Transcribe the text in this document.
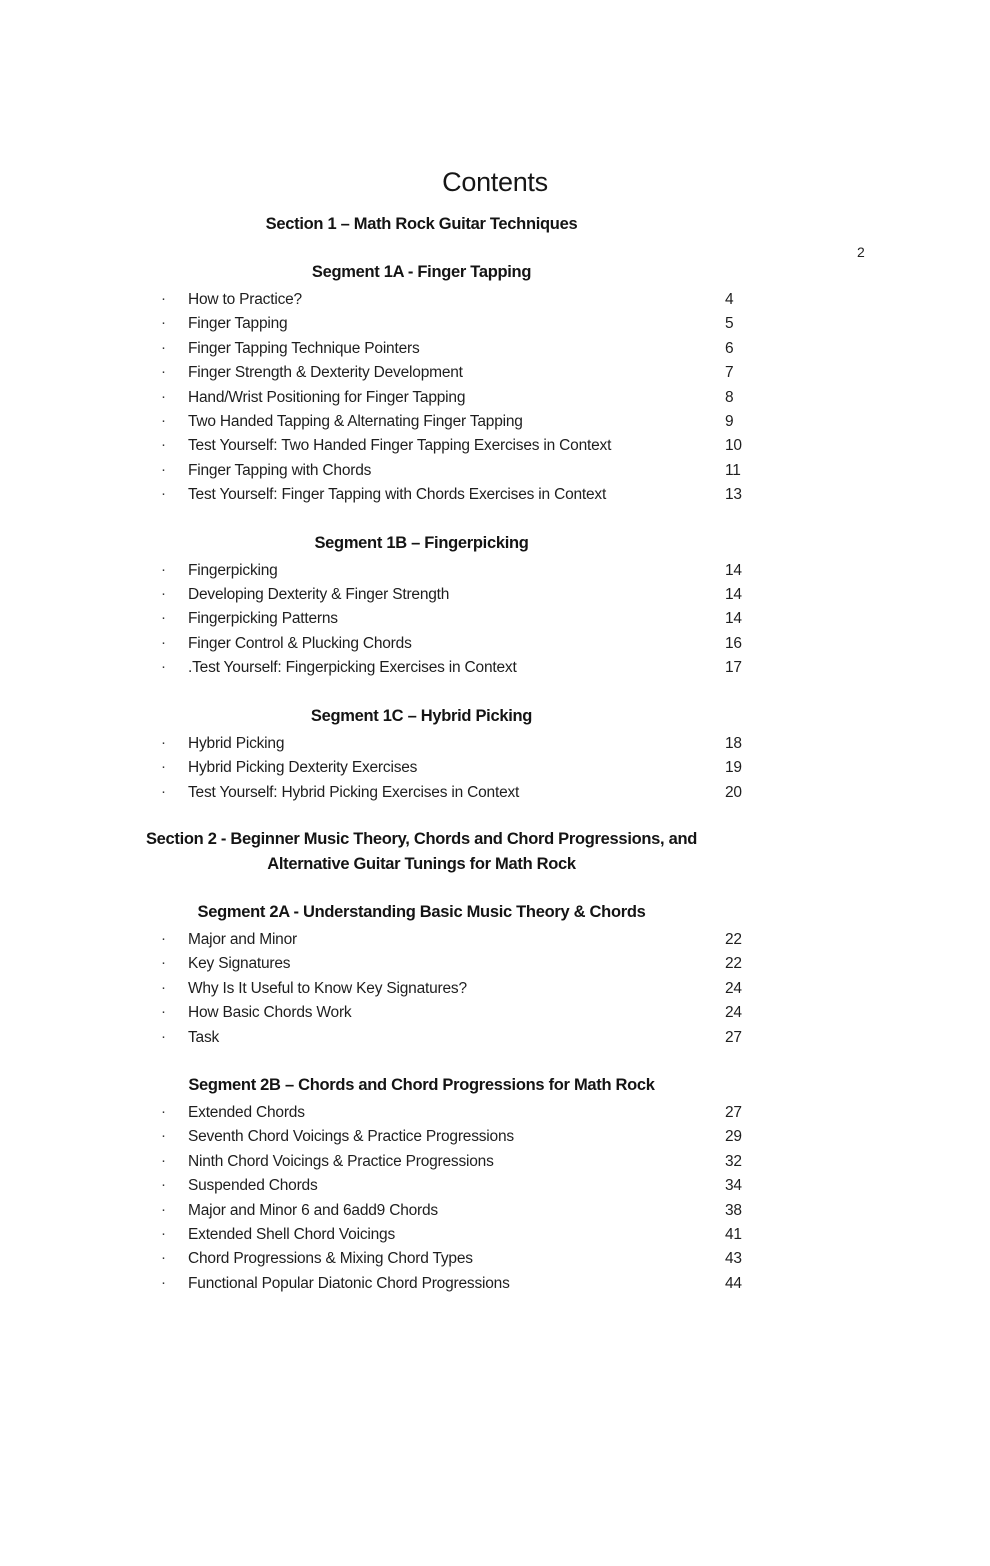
2
Contents
Section 1 – Math Rock Guitar Techniques
Segment 1A - Finger Tapping
· How to Practice?	4
· Finger Tapping	5
· Finger Tapping Technique Pointers	6
· Finger Strength & Dexterity Development	7
· Hand/Wrist Positioning for Finger Tapping	8
· Two Handed Tapping & Alternating Finger Tapping	9
· Test Yourself: Two Handed Finger Tapping Exercises in Context	10
· Finger Tapping with Chords	11
· Test Yourself: Finger Tapping with Chords Exercises in Context	13
Segment 1B – Fingerpicking
· Fingerpicking	14
· Developing Dexterity & Finger Strength	14
· Fingerpicking Patterns	14
· Finger Control & Plucking Chords	16
· .Test Yourself: Fingerpicking Exercises in Context	17
Segment 1C – Hybrid Picking
· Hybrid Picking	18
· Hybrid Picking Dexterity Exercises	19
· Test Yourself: Hybrid Picking Exercises in Context	20
Section 2 - Beginner Music Theory, Chords and Chord Progressions, and
Alternative Guitar Tunings for Math Rock
Segment 2A - Understanding Basic Music Theory & Chords
· Major and Minor	22
· Key Signatures	22
· Why Is It Useful to Know Key Signatures?	24
· How Basic Chords Work	24
· Task	27
Segment 2B – Chords and Chord Progressions for Math Rock
· Extended Chords	27
· Seventh Chord Voicings & Practice Progressions	29
· Ninth Chord Voicings & Practice Progressions	32
· Suspended Chords	34
· Major and Minor 6 and 6add9 Chords	38
· Extended Shell Chord Voicings	41
· Chord Progressions & Mixing Chord Types	43
· Functional Popular Diatonic Chord Progressions	44
